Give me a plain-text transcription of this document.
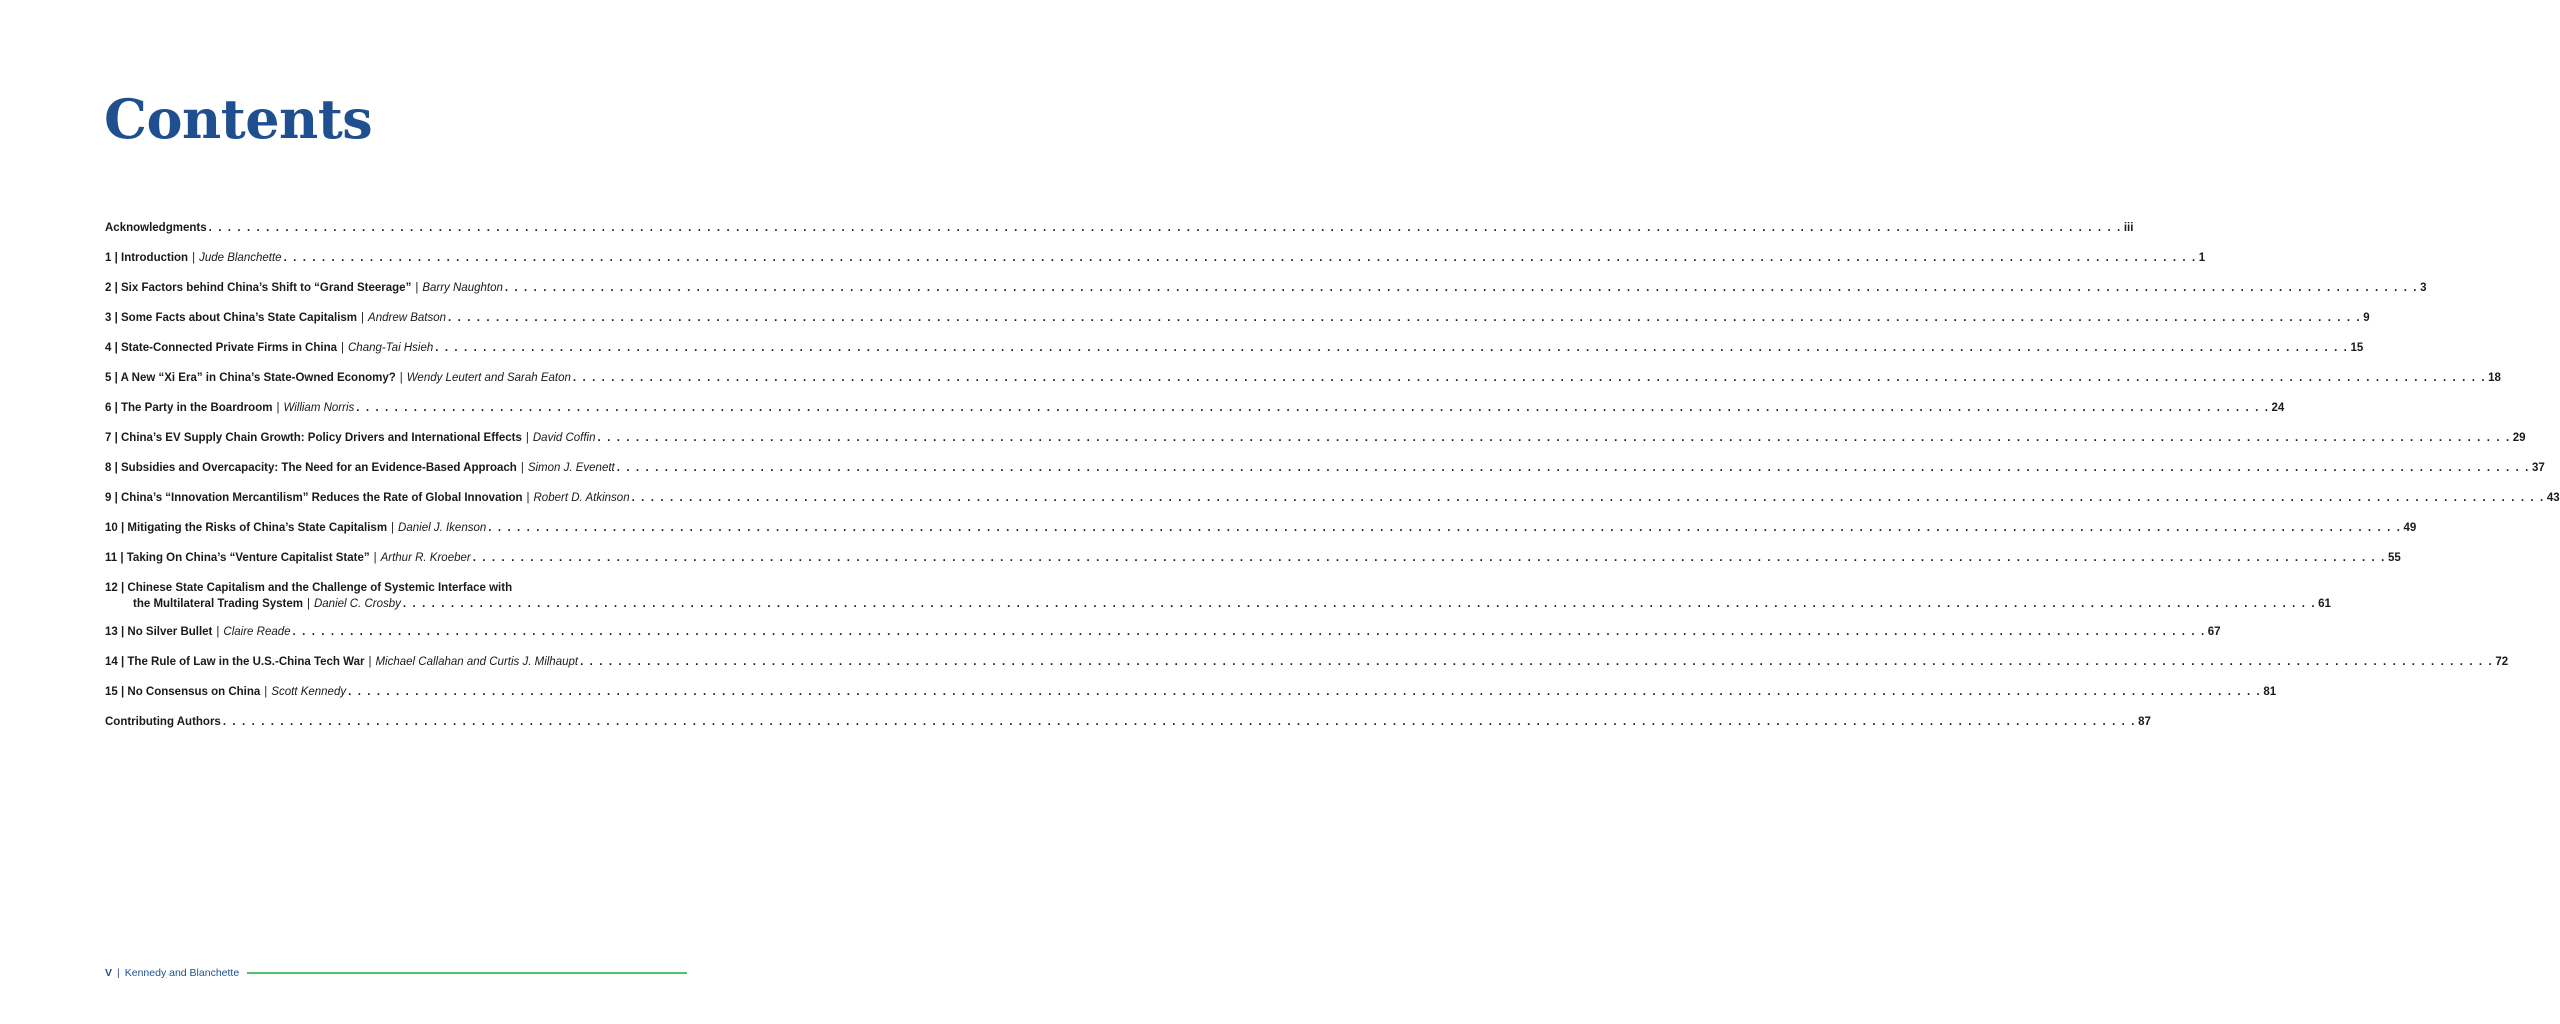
Contents
Acknowledgments . . . . . . . . . . . . . . . . . . . . . . . . . . . . . . . . . . . . . . . . . . . . . . . . . . . . . . . . . . . . . . . . . . . . . . . . . . . . . . . . . . . . . . . . . . . . . . . . . . . . . . . . . . . . . . . . . . . . . . . . . . . . . . . . . . . . . . . . . . . . . . . . . . . . . . . . . . . . . . . . . . . . . . . . . . . . . . . . . . . . . . . . . . . . . . . . . . . . . . . . iii
1 | Introduction | Jude Blanchette . . . . . . . . . . . . . . . . . . . . . . . . . . . . . . . . . . . . . . . . . . . . . . . . . . . . . . . . . . . . . . . . . . . . . . . . . . . . . . . . . . . . . . . . . . . . . . . . . . . . . . . . . . . . . . . . . . . . . . . . . . . . . . . . . . . . . . . . . . . . . . . . . . . . . . . . . . . . . . . . . . . . . . . . . . . . . . . . . . . . . . . . . . . . . . . . . . . . . . . . 1
2 | Six Factors behind China’s Shift to “Grand Steerage” | Barry Naughton . . . . . . . . . . . . . . . . . . . . . . . . . . . . . . . . . . . . . . . . . . . . . . . . . . . . . . . . . . . . . . . . . . . . . . . . . . . . . . . . . . . . . . . . . . . . . . . . . . . . . . . . . . . . . . . . . . . . . . . . . . . . . . . . . . . . . . . . . . . . . . . . . . . . . . . . . . . . . . . . . . . . . . . . . . . . . . . . . . . . . . . . . . . . . . . . . . . . . . . . 3
3 | Some Facts about China’s State Capitalism | Andrew Batson . . . . . . . . . . . . . . . . . . . . . . . . . . . . . . . . . . . . . . . . . . . . . . . . . . . . . . . . . . . . . . . . . . . . . . . . . . . . . . . . . . . . . . . . . . . . . . . . . . . . . . . . . . . . . . . . . . . . . . . . . . . . . . . . . . . . . . . . . . . . . . . . . . . . . . . . . . . . . . . . . . . . . . . . . . . . . . . . . . . . . . . . . . . . . . . . . . . . . . . . 9
4 | State-Connected Private Firms in China | Chang-Tai Hsieh . . . . . . . . . . . . . . . . . . . . . . . . . . . . . . . . . . . . . . . . . . . . . . . . . . . . . . . . . . . . . . . . . . . . . . . . . . . . . . . . . . . . . . . . . . . . . . . . . . . . . . . . . . . . . . . . . . . . . . . . . . . . . . . . . . . . . . . . . . . . . . . . . . . . . . . . . . . . . . . . . . . . . . . . . . . . . . . . . . . . . . . . . . . . . . . . . . . . . . . . 15
5 | A New “Xi Era” in China’s State-Owned Economy? | Wendy Leutert and Sarah Eaton . . . . . . . . . . . . . . . . . . . . . . . . . . . . . . . . . . . . . . . . . . . . . . . . . . . . . . . . . . . . . . . . . . . . . . . . . . . . . . . . . . . . . . . . . . . . . . . . . . . . . . . . . . . . . . . . . . . . . . . . . . . . . . . . . . . . . . . . . . . . . . . . . . . . . . . . . . . . . . . . . . . . . . . . . . . . . . . . . . . . . . . . . . . . . . . . . . . . . . . . 18
6 | The Party in the Boardroom | William Norris . . . . . . . . . . . . . . . . . . . . . . . . . . . . . . . . . . . . . . . . . . . . . . . . . . . . . . . . . . . . . . . . . . . . . . . . . . . . . . . . . . . . . . . . . . . . . . . . . . . . . . . . . . . . . . . . . . . . . . . . . . . . . . . . . . . . . . . . . . . . . . . . . . . . . . . . . . . . . . . . . . . . . . . . . . . . . . . . . . . . . . . . . . . . . . . . . . . . . . . . 24
7 | China’s EV Supply Chain Growth: Policy Drivers and International Effects | David Coffin . . . . . . . . . . . . . . . . . . . . . . . . . . . . . . . . . . . . . . . . . . . . . . . . . . . . . . . . . . . . . . . . . . . . . . . . . . . . . . . . . . . . . . . . . . . . . . . . . . . . . . . . . . . . . . . . . . . . . . . . . . . . . . . . . . . . . . . . . . . . . . . . . . . . . . . . . . . . . . . . . . . . . . . . . . . . . . . . . . . . . . . . . . . . . . . . . . . . . . . . 29
8 | Subsidies and Overcapacity: The Need for an Evidence-Based Approach | Simon J. Evenett . . . . . . . . . . . . . . . . . . . . . . . . . . . . . . . . . . . . . . . . . . . . . . . . . . . . . . . . . . . . . . . . . . . . . . . . . . . . . . . . . . . . . . . . . . . . . . . . . . . . . . . . . . . . . . . . . . . . . . . . . . . . . . . . . . . . . . . . . . . . . . . . . . . . . . . . . . . . . . . . . . . . . . . . . . . . . . . . . . . . . . . . . . . . . . . . . . . . . . . . 37
9 | China’s “Innovation Mercantilism” Reduces the Rate of Global Innovation | Robert D. Atkinson . . . . . . . . . . . . . . . . . . . . . . . . . . . . . . . . . . . . . . . . . . . . . . . . . . . . . . . . . . . . . . . . . . . . . . . . . . . . . . . . . . . . . . . . . . . . . . . . . . . . . . . . . . . . . . . . . . . . . . . . . . . . . . . . . . . . . . . . . . . . . . . . . . . . . . . . . . . . . . . . . . . . . . . . . . . . . . . . . . . . . . . . . . . . . . . . . . . . . . . . 43
10 | Mitigating the Risks of China’s State Capitalism | Daniel J. Ikenson . . . . . . . . . . . . . . . . . . . . . . . . . . . . . . . . . . . . . . . . . . . . . . . . . . . . . . . . . . . . . . . . . . . . . . . . . . . . . . . . . . . . . . . . . . . . . . . . . . . . . . . . . . . . . . . . . . . . . . . . . . . . . . . . . . . . . . . . . . . . . . . . . . . . . . . . . . . . . . . . . . . . . . . . . . . . . . . . . . . . . . . . . . . . . . . . . . . . . . . . 49
11 | Taking On China’s “Venture Capitalist State” | Arthur R. Kroeber . . . . . . . . . . . . . . . . . . . . . . . . . . . . . . . . . . . . . . . . . . . . . . . . . . . . . . . . . . . . . . . . . . . . . . . . . . . . . . . . . . . . . . . . . . . . . . . . . . . . . . . . . . . . . . . . . . . . . . . . . . . . . . . . . . . . . . . . . . . . . . . . . . . . . . . . . . . . . . . . . . . . . . . . . . . . . . . . . . . . . . . . . . . . . . . . . . . . . . . . 55
12 | Chinese State Capitalism and the Challenge of Systemic Interface with
the Multilateral Trading System | Daniel C. Crosby . . . . . . . . . . . . . . . . . . . . . . . . . . . . . . . . . . . . . . . . . . . . . . . . . . . . . . . . . . . . . . . . . . . . . . . . . . . . . . . . . . . . . . . . . . . . . . . . . . . . . . . . . . . . . . . . . . . . . . . . . . . . . . . . . . . . . . . . . . . . . . . . . . . . . . . . . . . . . . . . . . . . . . . . . . . . . . . . . . . . . . . . . . . . . . . . . . . . . . . . 61
13 | No Silver Bullet | Claire Reade . . . . . . . . . . . . . . . . . . . . . . . . . . . . . . . . . . . . . . . . . . . . . . . . . . . . . . . . . . . . . . . . . . . . . . . . . . . . . . . . . . . . . . . . . . . . . . . . . . . . . . . . . . . . . . . . . . . . . . . . . . . . . . . . . . . . . . . . . . . . . . . . . . . . . . . . . . . . . . . . . . . . . . . . . . . . . . . . . . . . . . . . . . . . . . . . . . . . . . . . 67
14 | The Rule of Law in the U.S.-China Tech War | Michael Callahan and Curtis J. Milhaupt . . . . . . . . . . . . . . . . . . . . . . . . . . . . . . . . . . . . . . . . . . . . . . . . . . . . . . . . . . . . . . . . . . . . . . . . . . . . . . . . . . . . . . . . . . . . . . . . . . . . . . . . . . . . . . . . . . . . . . . . . . . . . . . . . . . . . . . . . . . . . . . . . . . . . . . . . . . . . . . . . . . . . . . . . . . . . . . . . . . . . . . . . . . . . . . . . . . . . . . . 72
15 | No Consensus on China | Scott Kennedy . . . . . . . . . . . . . . . . . . . . . . . . . . . . . . . . . . . . . . . . . . . . . . . . . . . . . . . . . . . . . . . . . . . . . . . . . . . . . . . . . . . . . . . . . . . . . . . . . . . . . . . . . . . . . . . . . . . . . . . . . . . . . . . . . . . . . . . . . . . . . . . . . . . . . . . . . . . . . . . . . . . . . . . . . . . . . . . . . . . . . . . . . . . . . . . . . . . . . . . . 81
Contributing Authors . . . . . . . . . . . . . . . . . . . . . . . . . . . . . . . . . . . . . . . . . . . . . . . . . . . . . . . . . . . . . . . . . . . . . . . . . . . . . . . . . . . . . . . . . . . . . . . . . . . . . . . . . . . . . . . . . . . . . . . . . . . . . . . . . . . . . . . . . . . . . . . . . . . . . . . . . . . . . . . . . . . . . . . . . . . . . . . . . . . . . . . . . . . . . . . . . . . . . . . . 87
V | Kennedy and Blanchette
